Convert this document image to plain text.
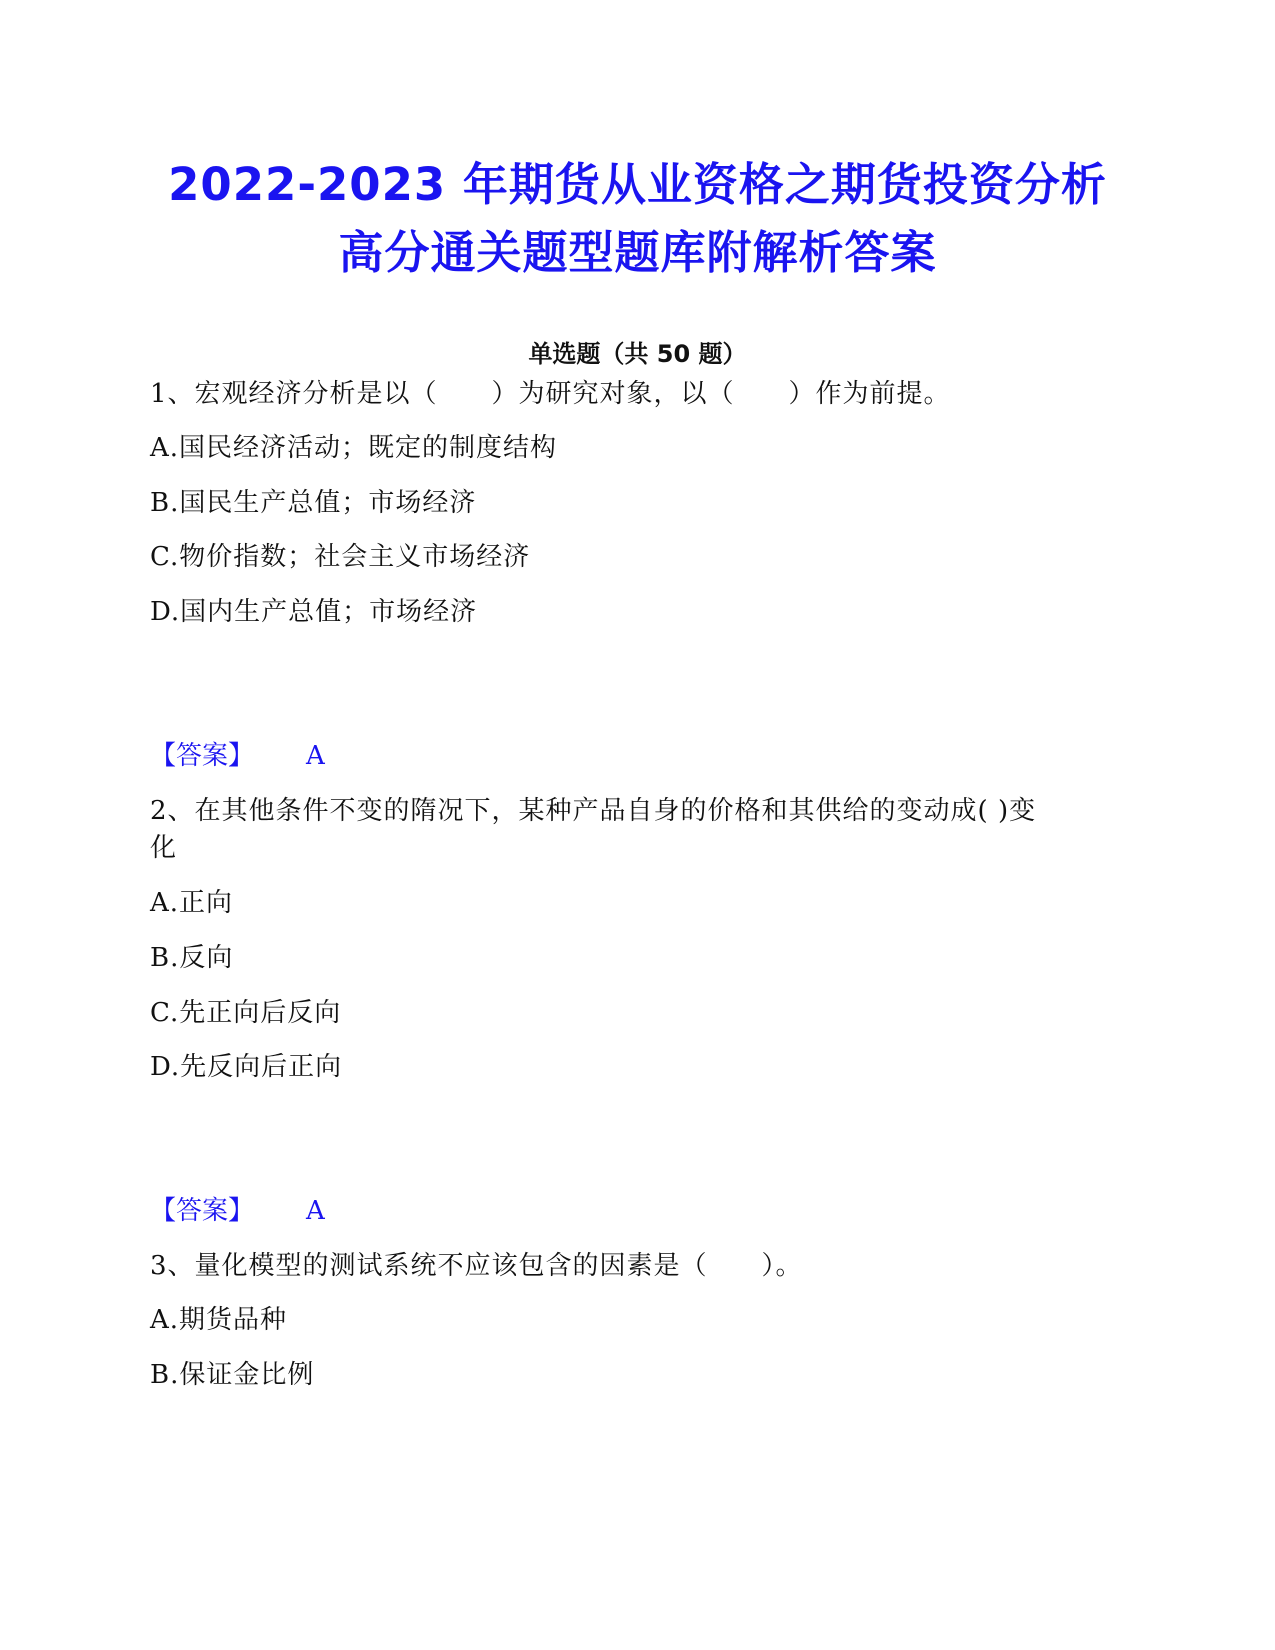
2022-2023 年期货从业资格之期货投资分析
高分通关题型题库附解析答案
单选题（共 50 题）
1、宏观经济分析是以（　　）为研究对象，以（　　）作为前提。
A.国民经济活动；既定的制度结构
B.国民生产总值；市场经济
C.物价指数；社会主义市场经济
D.国内生产总值；市场经济
【答案】 A
2、在其他条件不变的隋况下，某种产品自身的价格和其供给的变动成( )变
化
A.正向
B.反向
C.先正向后反向
D.先反向后正向
【答案】 A
3、量化模型的测试系统不应该包含的因素是（　　）。
A.期货品种
B.保证金比例
